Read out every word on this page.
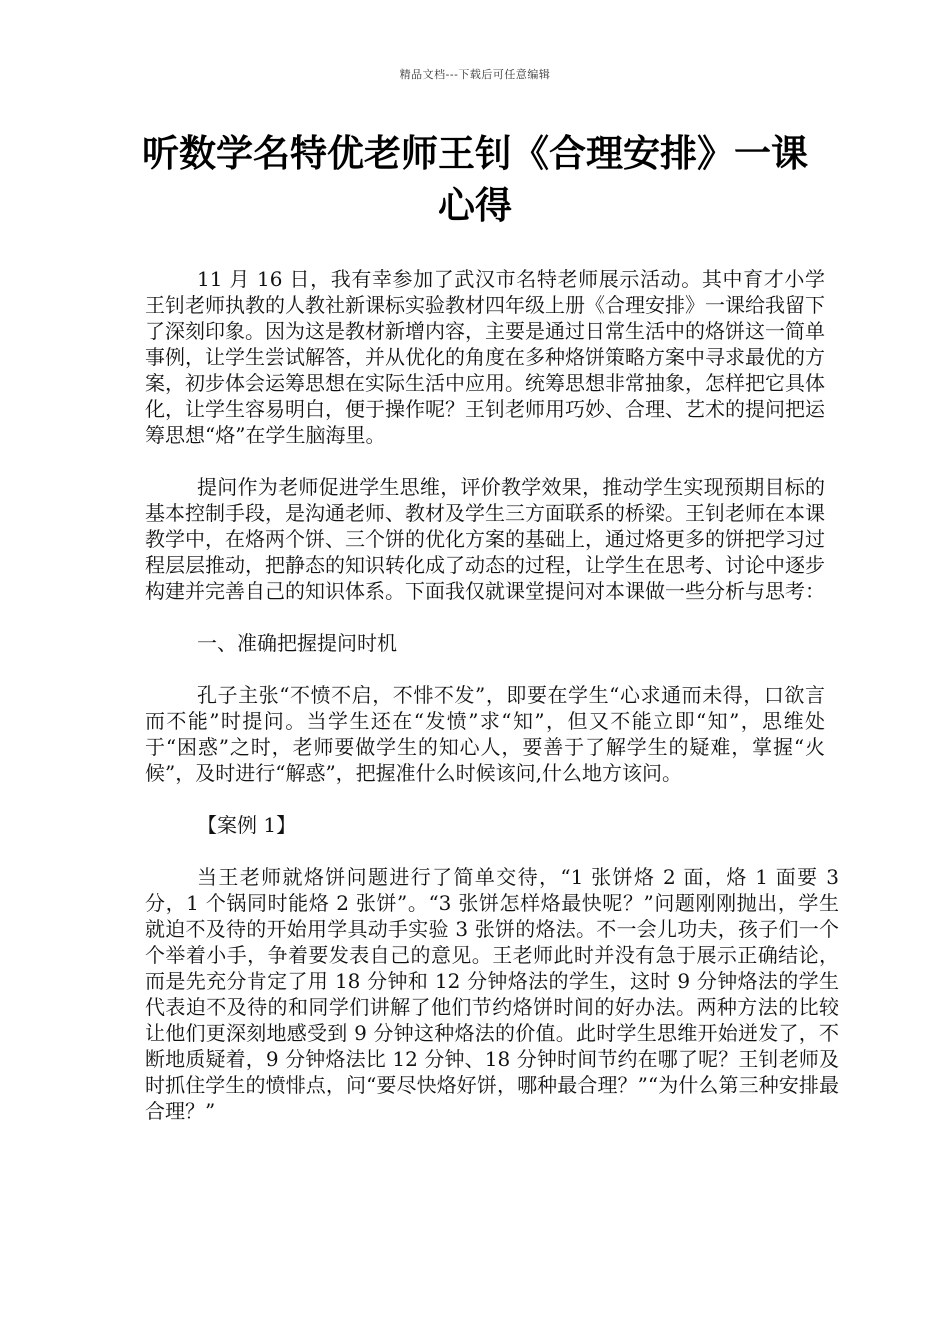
精品文档---下载后可任意编辑
听数学名特优老师王钊《合理安排》一课心得

11 月 16 日，我有幸参加了武汉市名特老师展示活动。其中育才小学王钊老师执教的人教社新课标实验教材四年级上册《合理安排》一课给我留下了深刻印象。因为这是教材新增内容，主要是通过日常生活中的烙饼这一简单事例，让学生尝试解答，并从优化的角度在多种烙饼策略方案中寻求最优的方案，初步体会运筹思想在实际生活中应用。统筹思想非常抽象，怎样把它具体化，让学生容易明白，便于操作呢？王钊老师用巧妙、合理、艺术的提问把运筹思想“烙”在学生脑海里。

提问作为老师促进学生思维，评价教学效果，推动学生实现预期目标的基本控制手段，是沟通老师、教材及学生三方面联系的桥梁。王钊老师在本课教学中，在烙两个饼、三个饼的优化方案的基础上，通过烙更多的饼把学习过程层层推动，把静态的知识转化成了动态的过程，让学生在思考、讨论中逐步构建并完善自己的知识体系。下面我仅就课堂提问对本课做一些分析与思考：

一、准确把握提问时机

孔子主张“不愤不启，不悱不发”，即要在学生“心求通而未得，口欲言而不能”时提问。当学生还在“发愤”求“知”，但又不能立即“知”，思维处于“困惑”之时，老师要做学生的知心人，要善于了解学生的疑难，掌握“火候”，及时进行“解惑”，把握准什么时候该问,什么地方该问。

【案例 1】

当王老师就烙饼问题进行了简单交待，“1 张饼烙 2 面，烙 1 面要 3 分，1 个锅同时能烙 2 张饼”。“3 张饼怎样烙最快呢？”问题刚刚抛出，学生就迫不及待的开始用学具动手实验 3 张饼的烙法。不一会儿功夫，孩子们一个个举着小手，争着要发表自己的意见。王老师此时并没有急于展示正确结论，而是先充分肯定了用 18 分钟和 12 分钟烙法的学生，这时 9 分钟烙法的学生代表迫不及待的和同学们讲解了他们节约烙饼时间的好办法。两种方法的比较让他们更深刻地感受到 9 分钟这种烙法的价值。此时学生思维开始迸发了，不断地质疑着，9 分钟烙法比 12 分钟、18 分钟时间节约在哪了呢？王钊老师及时抓住学生的愤悱点，问“要尽快烙好饼，哪种最合理？”“为什么第三种安排最合理？”
